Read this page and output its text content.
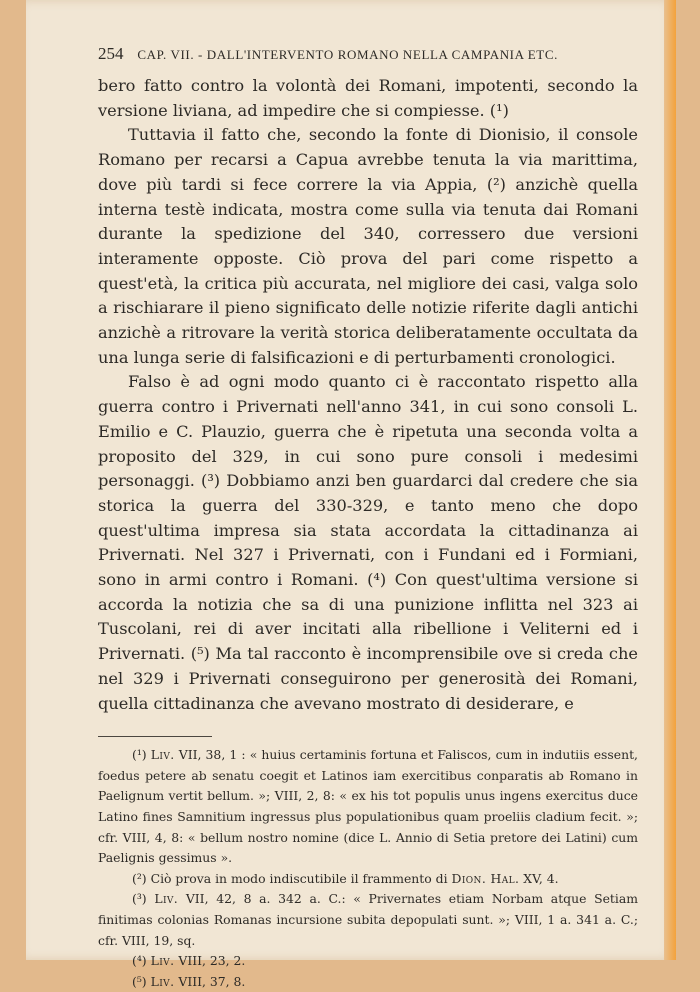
254 CAP. VII. - DALL'INTERVENTO ROMANO NELLA CAMPANIA ETC.

bero fatto contro la volontà dei Romani, impotenti, secondo la versione liviana, ad impedire che si compiesse. (¹)

Tuttavia il fatto che, secondo la fonte di Dionisio, il console Romano per recarsi a Capua avrebbe tenuta la via marittima, dove più tardi si fece correre la via Appia, (²) anzichè quella interna testè indicata, mostra come sulla via tenuta dai Romani durante la spedizione del 340, corressero due versioni interamente opposte. Ciò prova del pari come rispetto a quest'età, la critica più accurata, nel migliore dei casi, valga solo a rischiarare il pieno significato delle notizie riferite dagli antichi anzichè a ritrovare la verità storica deliberatamente occultata da una lunga serie di falsificazioni e di perturbamenti cronologici.

Falso è ad ogni modo quanto ci è raccontato rispetto alla guerra contro i Privernati nell'anno 341, in cui sono consoli L. Emilio e C. Plauzio, guerra che è ripetuta una seconda volta a proposito del 329, in cui sono pure consoli i medesimi personaggi. (³) Dobbiamo anzi ben guardarci dal credere che sia storica la guerra del 330-329, e tanto meno che dopo quest'ultima impresa sia stata accordata la cittadinanza ai Privernati. Nel 327 i Privernati, con i Fundani ed i Formiani, sono in armi contro i Romani. (⁴) Con quest'ultima versione si accorda la notizia che sa di una punizione inflitta nel 323 ai Tuscolani, rei di aver incitati alla ribellione i Veliterni ed i Privernati. (⁵) Ma tal racconto è incomprensibile ove si creda che nel 329 i Privernati conseguirono per generosità dei Romani, quella cittadinanza che avevano mostrato di desiderare, e

(¹) Liv. VII, 38, 1 : « huius certaminis fortuna et Faliscos, cum in indutiis essent, foedus petere ab senatu coegit et Latinos iam exercitibus conparatis ab Romano in Paelignum vertit bellum. »; VIII, 2, 8: « ex his tot populis unus ingens exercitus duce Latino fines Samnitium ingressus plus populationibus quam proeliis cladium fecit. »; cfr. VIII, 4, 8: « bellum nostro nomine (dice L. Annio di Setia pretore dei Latini) cum Paelignis gessimus ».

(²) Ciò prova in modo indiscutibile il frammento di Dion. Hal. XV, 4.

(³) Liv. VII, 42, 8 a. 342 a. C.: « Privernates etiam Norbam atque Setiam finitimas colonias Romanas incursione subita depopulati sunt. »; VIII, 1 a. 341 a. C.; cfr. VIII, 19, sq.

(⁴) Liv. VIII, 23, 2.

(⁵) Liv. VIII, 37, 8.
